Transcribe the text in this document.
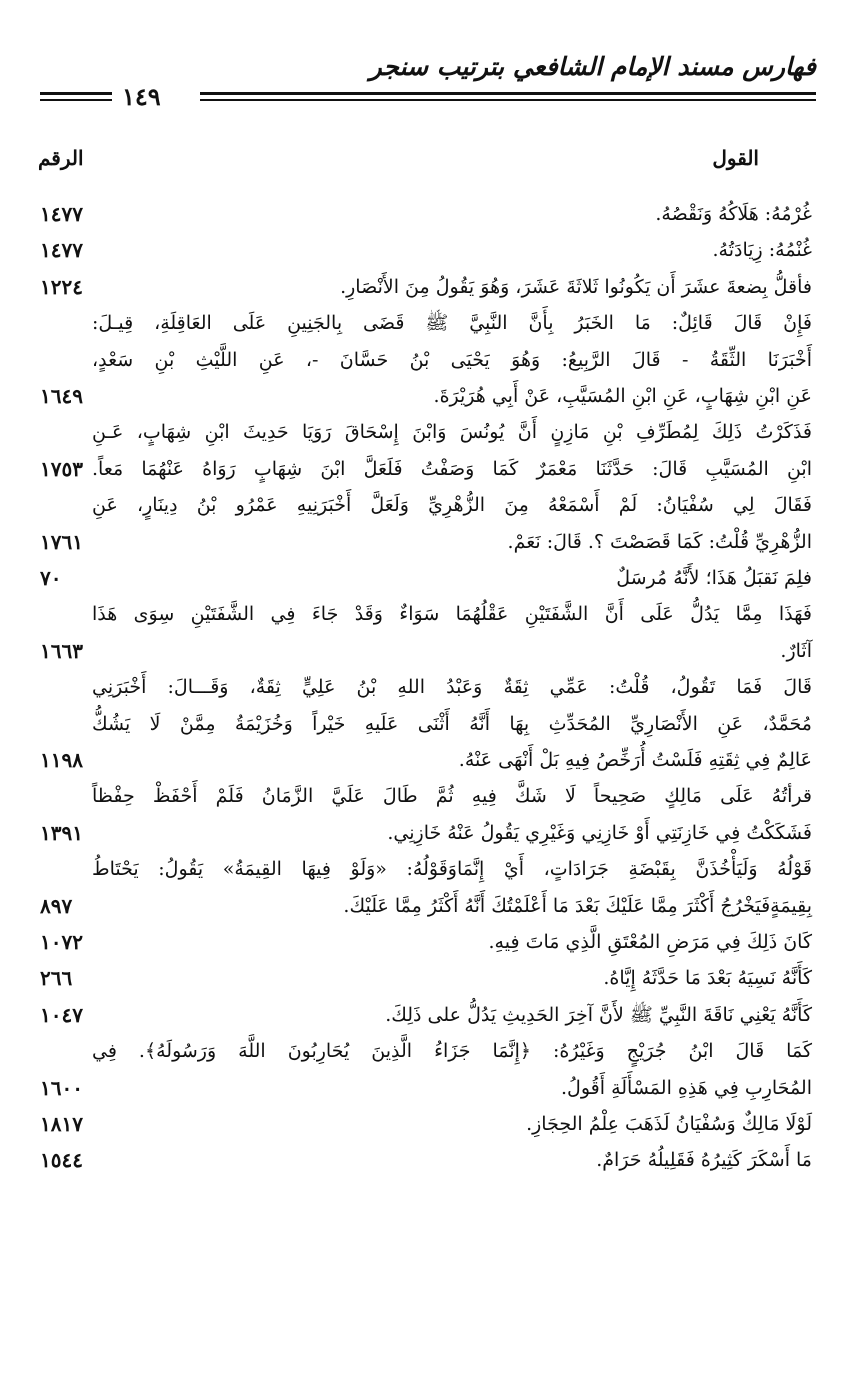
فهارس مسند الإمام الشافعي بترتيب سنجر
١٤٩
القول
الرقم
غُرْمُهُ: هَلَاكُهُ وَنَقْصُهُ.
١٤٧٧
غُنْمُهُ: زِيَادَتُهُ.
١٤٧٧
فأقلُّ بِضعةَ عشَرَ أَن يَكُونُوا ثَلاثَةَ عَشَرَ، وَهُوَ يَقُولُ مِنَ الأَنْصَارِ.
١٢٢٤
فَإِنْ قَالَ قَائِلٌ: مَا الخَبَرُ بِأَنَّ النَّبِيَّ ﷺ قَضَى بِالجَنِينِ عَلَى العَاقِلَةِ، قِيـلَ:
أَخْبَرَنَا الثِّقَةُ - قَالَ الرَّبِيعُ: وَهُوَ يَحْيَى بْنُ حَسَّانَ -، عَنِ اللَّيْثِ بْنِ سَعْدٍ،
عَنِ ابْنِ شِهَابٍ، عَنِ ابْنِ المُسَيَّبِ، عَنْ أَبِي هُرَيْرَةَ.
١٦٤٩
فَذَكَرْتُ ذَلِكَ لِمُطَرِّفِ بْنِ مَازِنٍ أَنَّ يُونُسَ وَابْنَ إِسْحَاقَ رَوَيَا حَدِيثَ ابْنِ شِهَابٍ، عَـنِ
ابْنِ المُسَيَّبِ قَالَ: حَدَّثَنَا مَعْمَرٌ كَمَا وَصَفْتُ فَلَعَلَّ ابْنَ شِهَابٍ رَوَاهُ عَنْهُمَا مَعاً.
١٧٥٣
فَقَالَ لِي سُفْيَانُ: لَمْ أَسْمَعْهُ مِنَ الزُّهْرِيِّ وَلَعَلَّ أَخْبَرَنِيهِ عَمْرُو بْنُ دِينَارٍ، عَنِ
الزُّهْرِيِّ قُلْتُ: كَمَا قَصَصْتَ ؟. قَالَ: نَعَمْ.
١٧٦١
فلِمَ نَقبَلُ هَذَا؛ لأَنَّهُ مُرسَلٌ
٧٠
فَهَذَا مِمَّا يَدُلُّ عَلَى أَنَّ الشَّفَتَيْنِ عَقْلُهُمَا سَوَاءٌ وَقَدْ جَاءَ فِي الشَّفَتَيْنِ سِوَى هَذَا
آثَارٌ.
١٦٦٣
قَالَ فَمَا تَقُولُ، قُلْتُ: عَمِّي ثِقَةٌ وَعَبْدُ اللهِ بْنُ عَلِيٍّ ثِقَةٌ، وَقَـــالَ: أَخْبَرَنِي
مُحَمَّدٌ، عَنِ الأَنْصَارِيِّ المُحَدِّثِ بِهَا أَنَّهُ أَثْنَى عَلَيهِ خَيْراً وَخُزَيْمَةُ مِمَّنْ لَا يَشُكُّ
عَالِمٌ فِي ثِقَتِهِ فَلَسْتُ أُرَخِّصُ فِيهِ بَلْ أَنْهَى عَنْهُ.
١١٩٨
قرأتُهُ عَلَى مَالِكٍ صَحِيحاً لَا شَكَّ فِيهِ ثُمَّ طَالَ عَلَيَّ الزَّمَانُ فَلَمْ أَحْفَظْ حِفْظاً
فَشَكَكْتُ فِي خَازِنَتِي أَوْ خَازِنِي وَغَيْرِي يَقُولُ عَنْهُ خَازِنِي.
١٣٩١
قَوْلُهُ وَلَيَأْخُذَنَّ بِقَبْضَةِ جَرَادَاتٍ، أَيْ إِنَّمَاوَقَوْلُهُ: «وَلَوْ فِيهَا القِيمَةُ» يَقُولُ: يَحْتَاطُ
بِقِيمَةٍفَيَخْرُجُ أَكْثَرَ مِمَّا عَلَيْكَ بَعْدَ مَا أَعْلَمْتُكَ أَنَّهُ أَكْثَرُ مِمَّا عَلَيْكَ.
٨٩٧
كَانَ ذَلِكَ فِي مَرَضِ المُعْتَقِ الَّذِي مَاتَ فِيهِ.
١٠٧٢
كَأَنَّهُ نَسِيَهُ بَعْدَ مَا حَدَّثَهُ إِيَّاهُ.
٢٦٦
كَأَنَّهُ يَعْنِي نَاقَةَ النَّبِيِّ ﷺ لأَنَّ آخِرَ الحَدِيثِ يَدُلُّ على ذَلِكَ.
١٠٤٧
كَمَا قَالَ ابْنُ جُرَيْجٍ وَغَيْرُهُ: ﴿إِنَّمَا جَزَاءُ الَّذِينَ يُحَارِبُونَ اللَّهَ وَرَسُولَهُ﴾. فِي
المُحَارِبِ فِي هَذِهِ المَسْأَلَةِ أَقُولُ.
١٦٠٠
لَوْلَا مَالِكٌ وَسُفْيَانُ لَذَهَبَ عِلْمُ الحِجَازِ.
١٨١٧
مَا أَسْكَرَ كَثِيرُهُ فَقَلِيلُهُ حَرَامٌ.
١٥٤٤
